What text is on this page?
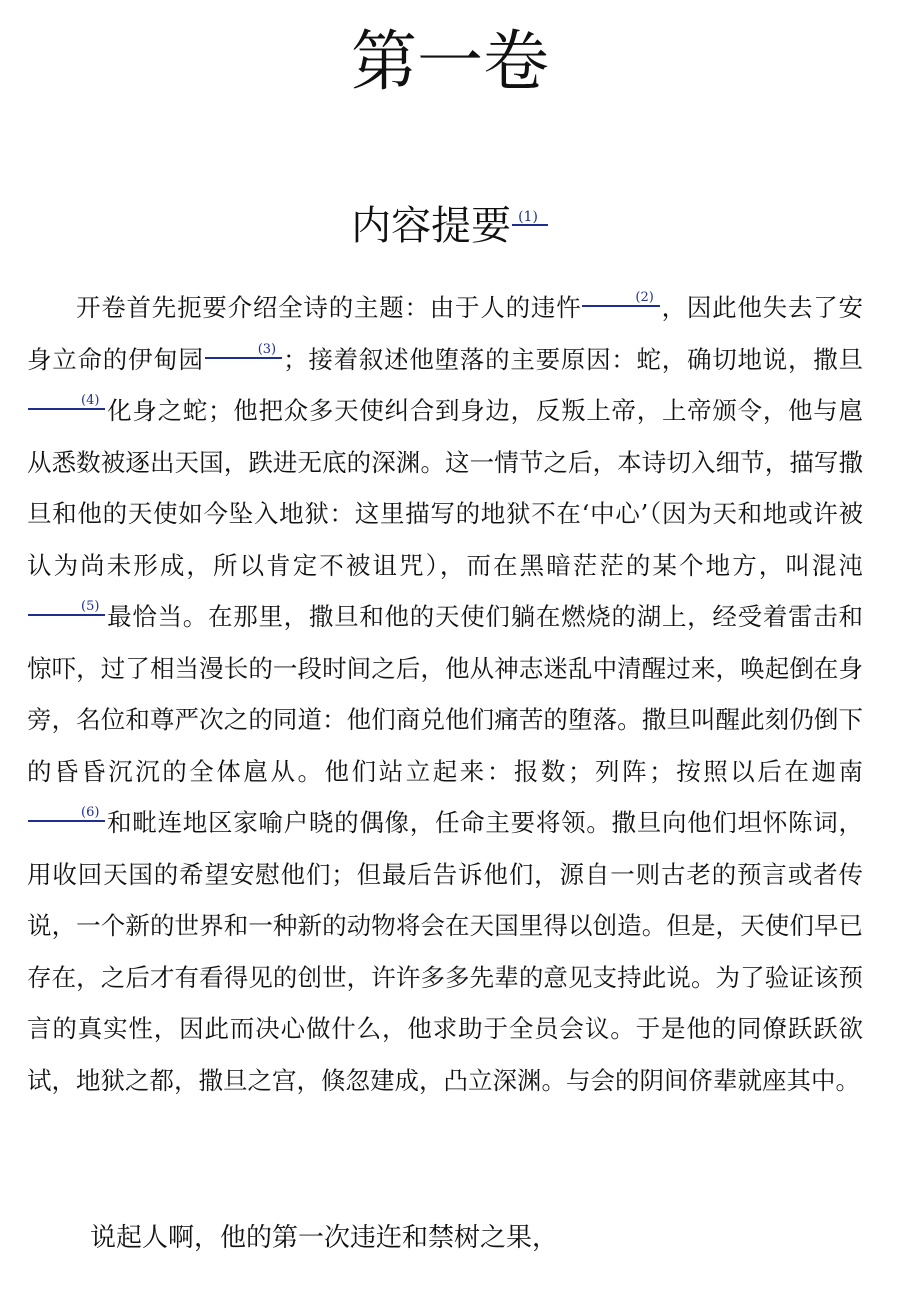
第一卷
内容提要 (1)

开卷首先扼要介绍全诗的主题：由于人的违忤	(2) ，因此他失去了安身立命的伊甸园	(3) ；接着叙述他堕落的主要原因：蛇，确切地说，撒旦(4) 化身之蛇；他把众多天使纠合到身边，反叛上帝，上帝颁令，他与扈从悉数被逐出天国，跌进无底的深渊。这一情节之后，本诗切入细节，描写撒旦和他的天使如今坠入地狱：这里描写的地狱不在‘中心’（因为天和地或许被认为尚未形成，所以肯定不被诅咒），而在黑暗茫茫的某个地方，叫混沌(5) 最恰当。在那里，撒旦和他的天使们躺在燃烧的湖上，经受着雷击和惊吓，过了相当漫长的一段时间之后，他从神志迷乱中清醒过来，唤起倒在身旁，名位和尊严次之的同道：他们商兑他们痛苦的堕落。撒旦叫醒此刻仍倒下的昏昏沉沉的全体扈从。他们站立起来：报数；列阵；按照以后在迦南(6) 和毗连地区家喻户晓的偶像，任命主要将领。撒旦向他们坦怀陈词，用收回天国的希望安慰他们；但最后告诉他们，源自一则古老的预言或者传说，一个新的世界和一种新的动物将会在天国里得以创造。但是，天使们早已存在，之后才有看得见的创世，许许多多先辈的意见支持此说。为了验证该预言的真实性，因此而决心做什么，他求助于全员会议。于是他的同僚跃跃欲试，地狱之都，撒旦之宫，倏忽建成，凸立深渊。与会的阴间侪辈就座其中。

说起人啊，他的第一次违迕和禁树之果，
